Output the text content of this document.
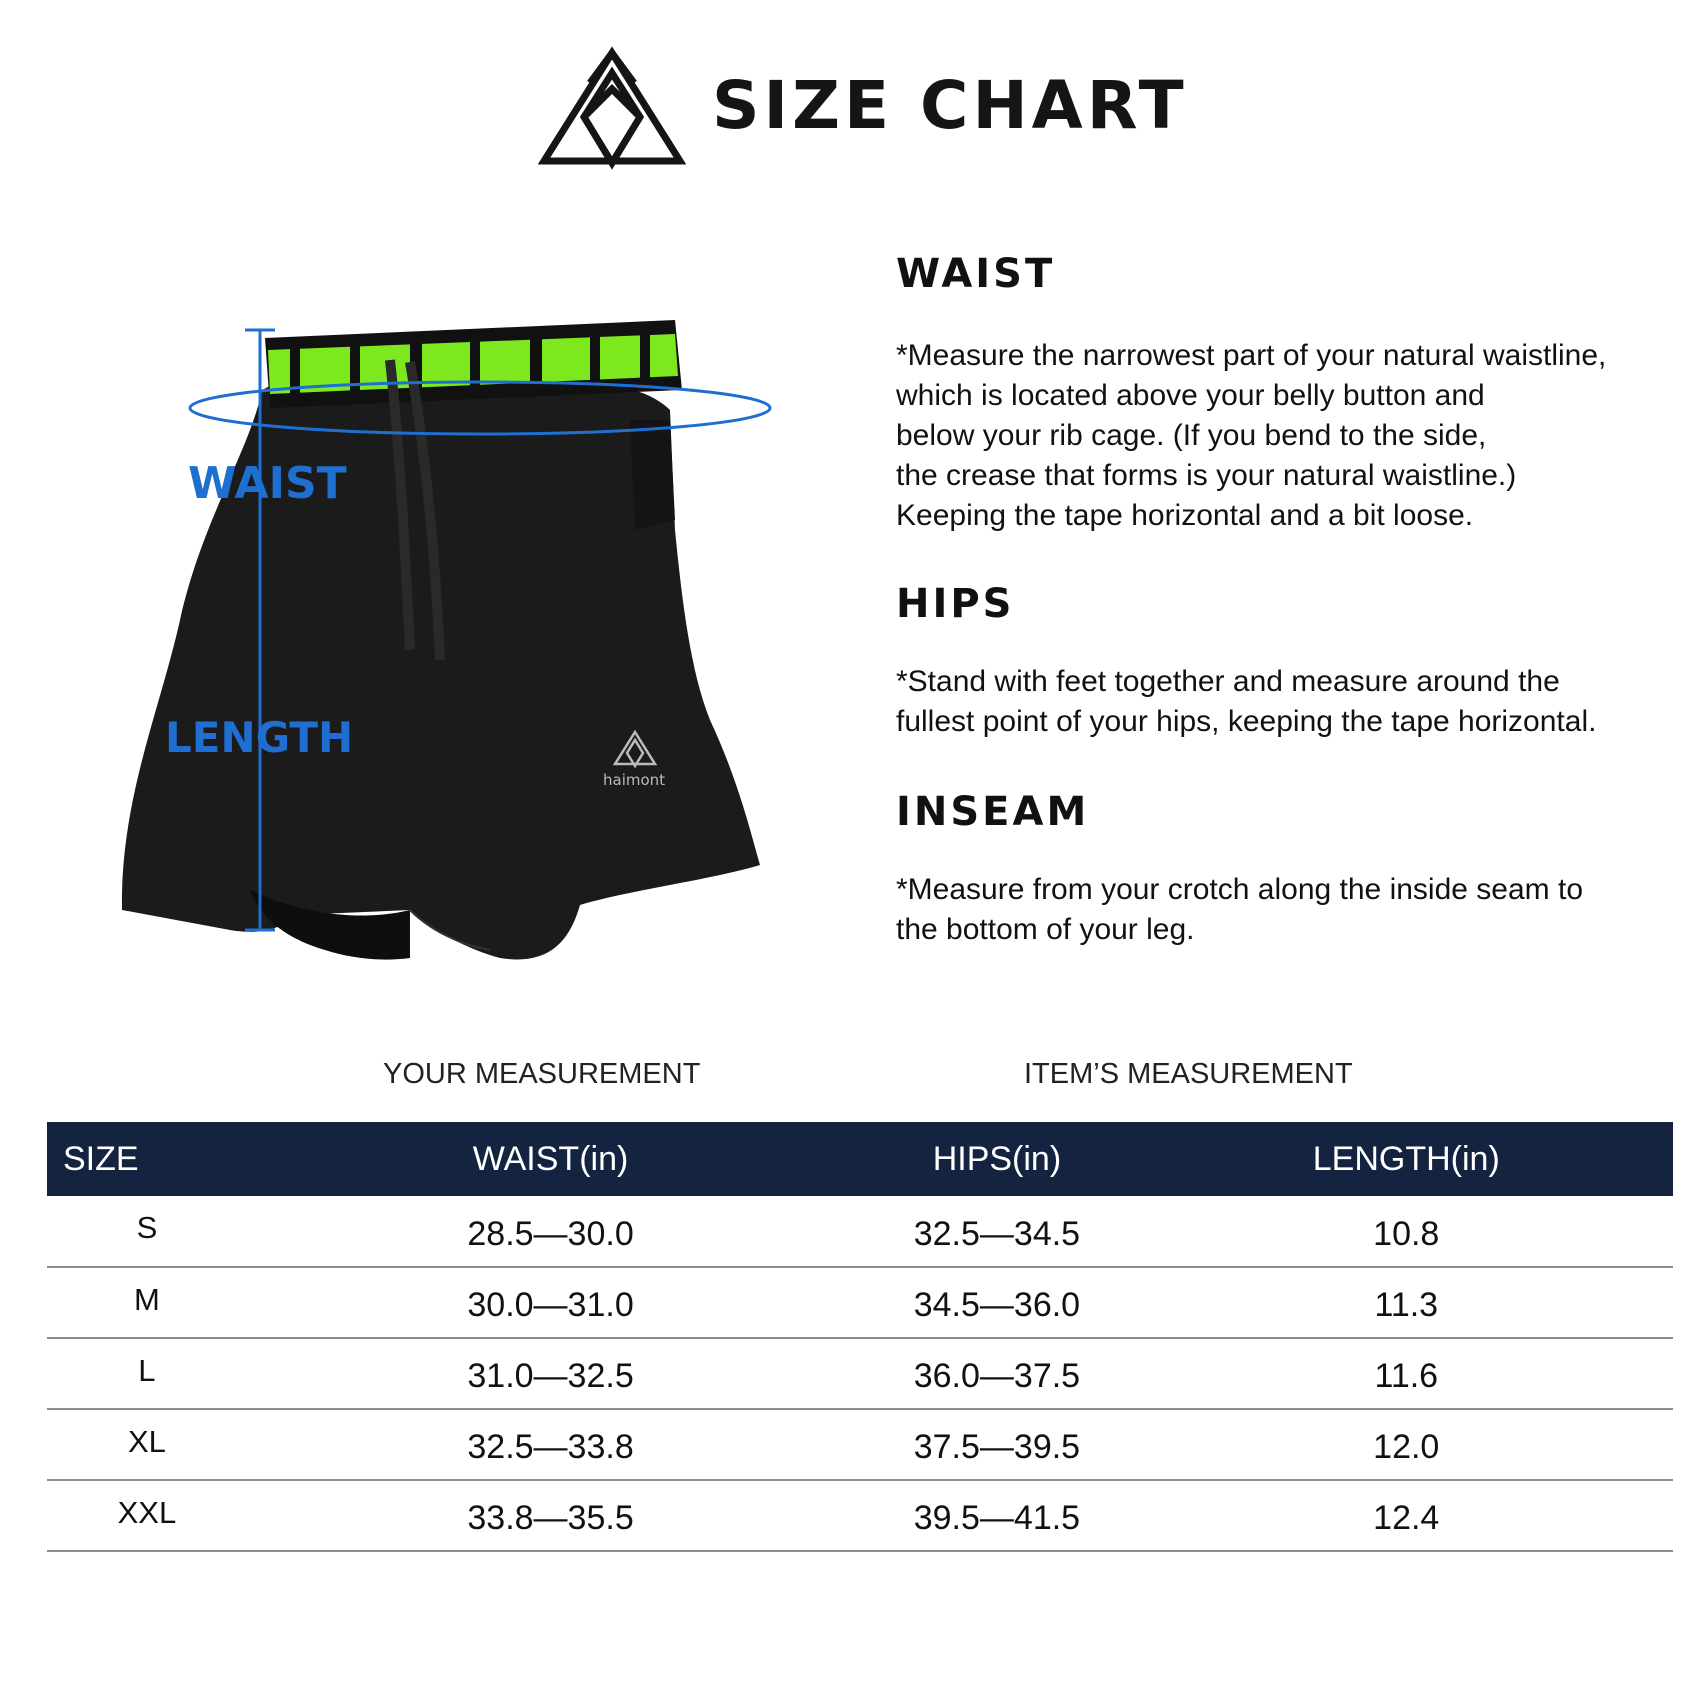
SIZE CHART
haimont
WAIST
LENGTH
WAIST
*Measure the narrowest part of your natural waistline,
which is located above your belly button and
below your rib cage. (If you bend to the side,
the crease that forms is your natural waistline.)
Keeping the tape horizontal and a bit loose.
HIPS
*Stand with feet together and measure around the
fullest point of your hips, keeping the tape horizontal.
INSEAM
*Measure from your crotch along the inside seam to
the bottom of your leg.
YOUR MEASUREMENT	ITEM’S MEASUREMENT
SIZE	WAIST(in)	HIPS(in)	LENGTH(in)
S	28.5—30.0	32.5—34.5	10.8
M	30.0—31.0	34.5—36.0	11.3
L	31.0—32.5	36.0—37.5	11.6
XL	32.5—33.8	37.5—39.5	12.0
XXL	33.8—35.5	39.5—41.5	12.4
